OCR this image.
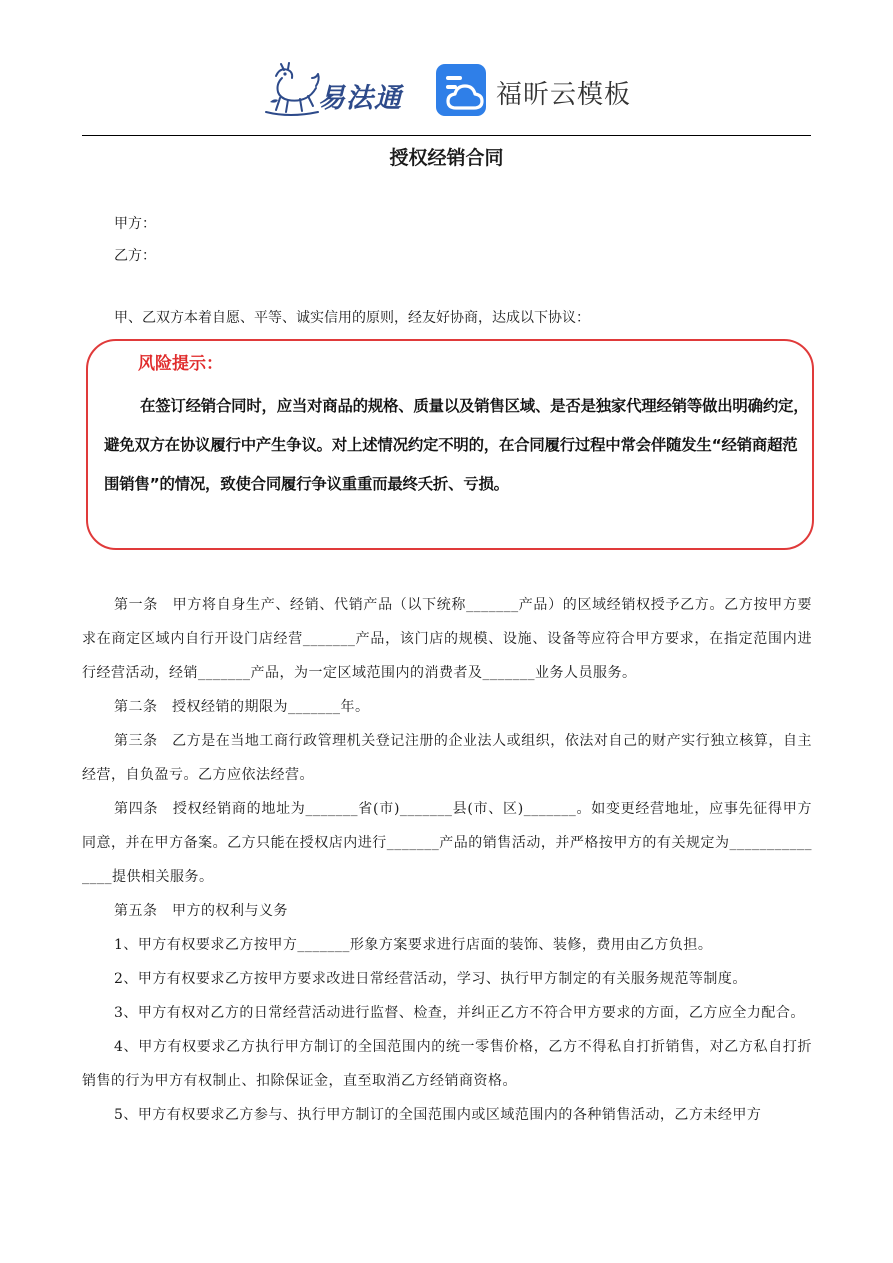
易法通	福昕云模板
授权经销合同
甲方：
乙方：
甲、乙双方本着自愿、平等、诚实信用的原则，经友好协商，达成以下协议：
风险提示：
在签订经销合同时，应当对商品的规格、质量以及销售区域、是否是独家代理经销等做出明确约定，避免双方在协议履行中产生争议。对上述情况约定不明的，在合同履行过程中常会伴随发生“经销商超范围销售”的情况，致使合同履行争议重重而最终夭折、亏损。

第一条　甲方将自身生产、经销、代销产品（以下统称_______产品）的区域经销权授予乙方。乙方按甲方要求在商定区域内自行开设门店经营_______产品，该门店的规模、设施、设备等应符合甲方要求，在指定范围内进行经营活动，经销_______产品，为一定区域范围内的消费者及_______业务人员服务。

第二条　授权经销的期限为_______年。

第三条　乙方是在当地工商行政管理机关登记注册的企业法人或组织，依法对自己的财产实行独立核算，自主经营，自负盈亏。乙方应依法经营。

第四条　授权经销商的地址为_______省(市)_______县(市、区)_______。如变更经营地址，应事先征得甲方同意，并在甲方备案。乙方只能在授权店内进行_______产品的销售活动，并严格按甲方的有关规定为_______________提供相关服务。

第五条　甲方的权利与义务

1、甲方有权要求乙方按甲方_______形象方案要求进行店面的装饰、装修，费用由乙方负担。

2、甲方有权要求乙方按甲方要求改进日常经营活动，学习、执行甲方制定的有关服务规范等制度。

3、甲方有权对乙方的日常经营活动进行监督、检查，并纠正乙方不符合甲方要求的方面，乙方应全力配合。

4、甲方有权要求乙方执行甲方制订的全国范围内的统一零售价格，乙方不得私自打折销售，对乙方私自打折销售的行为甲方有权制止、扣除保证金，直至取消乙方经销商资格。

5、甲方有权要求乙方参与、执行甲方制订的全国范围内或区域范围内的各种销售活动，乙方未经甲方
